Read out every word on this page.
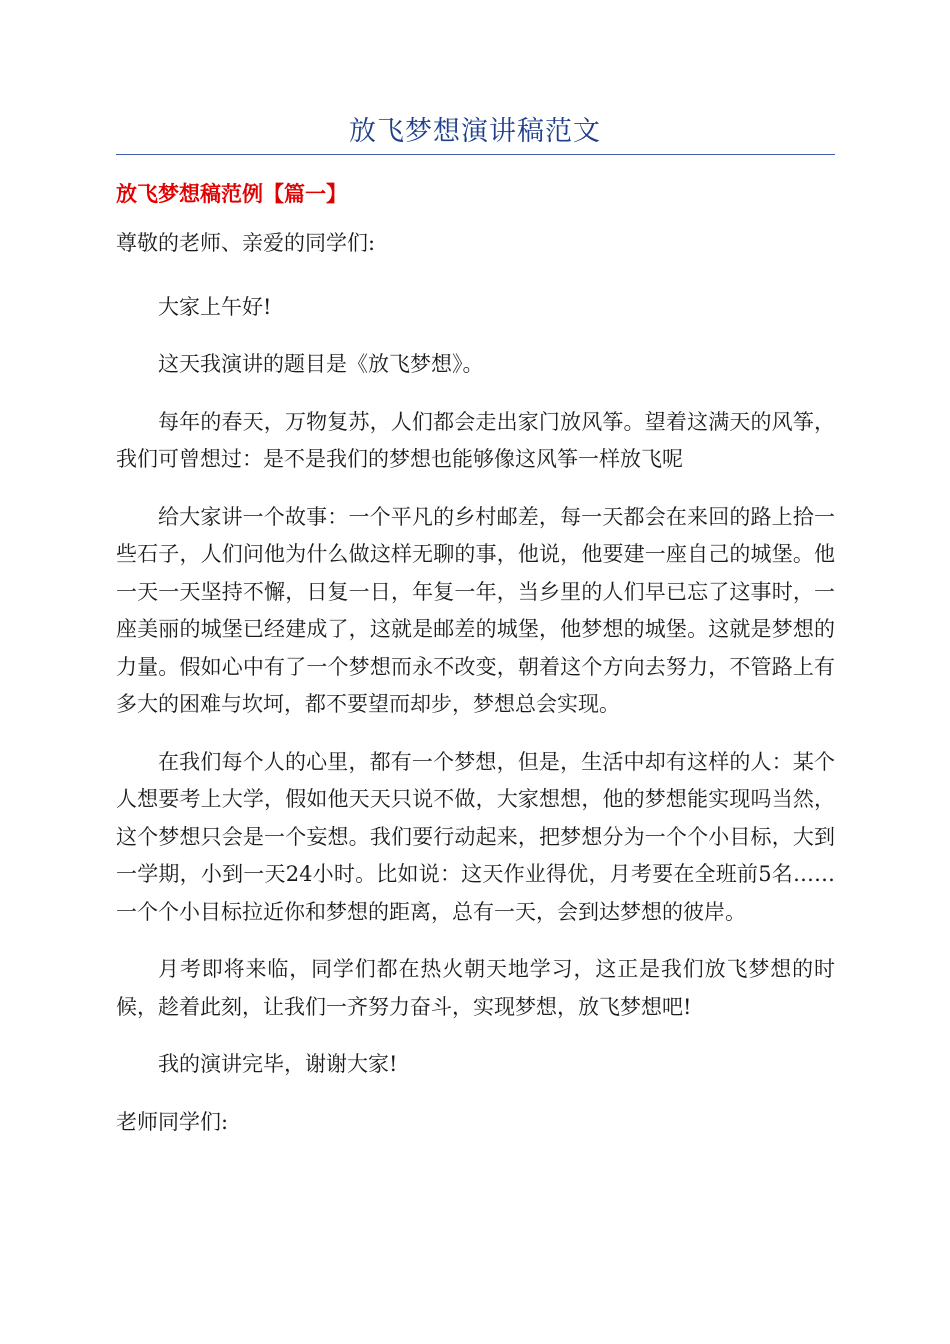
放飞梦想演讲稿范文
放飞梦想稿范例【篇一】

尊敬的老师、亲爱的同学们:

大家上午好!

这天我演讲的题目是《放飞梦想》。

每年的春天，万物复苏，人们都会走出家门放风筝。望着这满天的风筝，我们可曾想过：是不是我们的梦想也能够像这风筝一样放飞呢

给大家讲一个故事：一个平凡的乡村邮差，每一天都会在来回的路上拾一些石子，人们问他为什么做这样无聊的事，他说，他要建一座自己的城堡。他一天一天坚持不懈，日复一日，年复一年，当乡里的人们早已忘了这事时，一座美丽的城堡已经建成了，这就是邮差的城堡，他梦想的城堡。这就是梦想的力量。假如心中有了一个梦想而永不改变，朝着这个方向去努力，不管路上有多大的困难与坎坷，都不要望而却步，梦想总会实现。

在我们每个人的心里，都有一个梦想，但是，生活中却有这样的人：某个人想要考上大学，假如他天天只说不做，大家想想，他的梦想能实现吗当然，这个梦想只会是一个妄想。我们要行动起来，把梦想分为一个个小目标，大到一学期，小到一天24小时。比如说：这天作业得优，月考要在全班前5名……一个个小目标拉近你和梦想的距离，总有一天，会到达梦想的彼岸。

月考即将来临，同学们都在热火朝天地学习，这正是我们放飞梦想的时候，趁着此刻，让我们一齐努力奋斗，实现梦想，放飞梦想吧!

我的演讲完毕，谢谢大家!

老师同学们:
